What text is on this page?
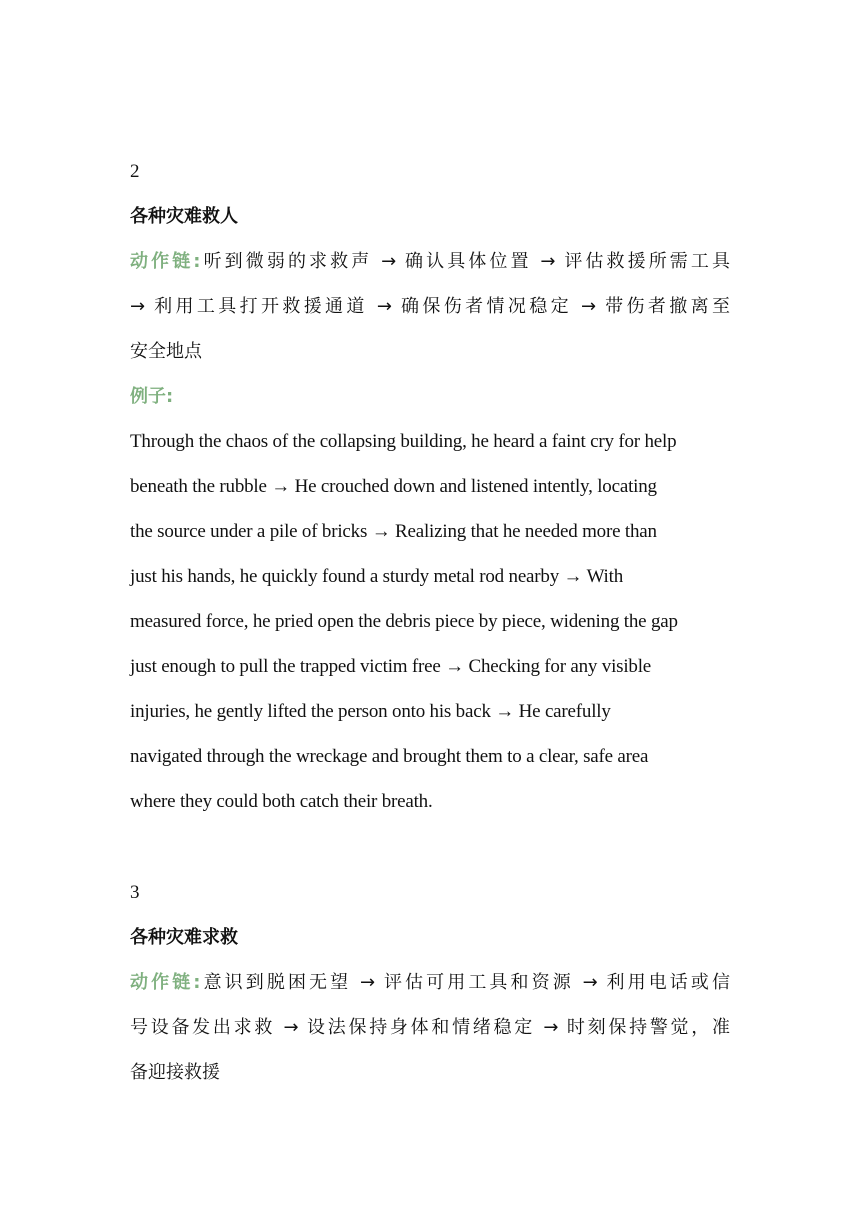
2
各种灾难救人
动作链:听到微弱的求救声 → 确认具体位置 → 评估救援所需工具
→ 利用工具打开救援通道 → 确保伤者情况稳定 → 带伤者撤离至
安全地点
例子:
Through the chaos of the collapsing building, he heard a faint cry for help
beneath the rubble → He crouched down and listened intently, locating
the source under a pile of bricks → Realizing that he needed more than
just his hands, he quickly found a sturdy metal rod nearby → With
measured force, he pried open the debris piece by piece, widening the gap
just enough to pull the trapped victim free → Checking for any visible
injuries, he gently lifted the person onto his back → He carefully
navigated through the wreckage and brought them to a clear, safe area
where they could both catch their breath.
3
各种灾难求救
动作链:意识到脱困无望 → 评估可用工具和资源 → 利用电话或信
号设备发出求救 → 设法保持身体和情绪稳定 → 时刻保持警觉，准
备迎接救援
